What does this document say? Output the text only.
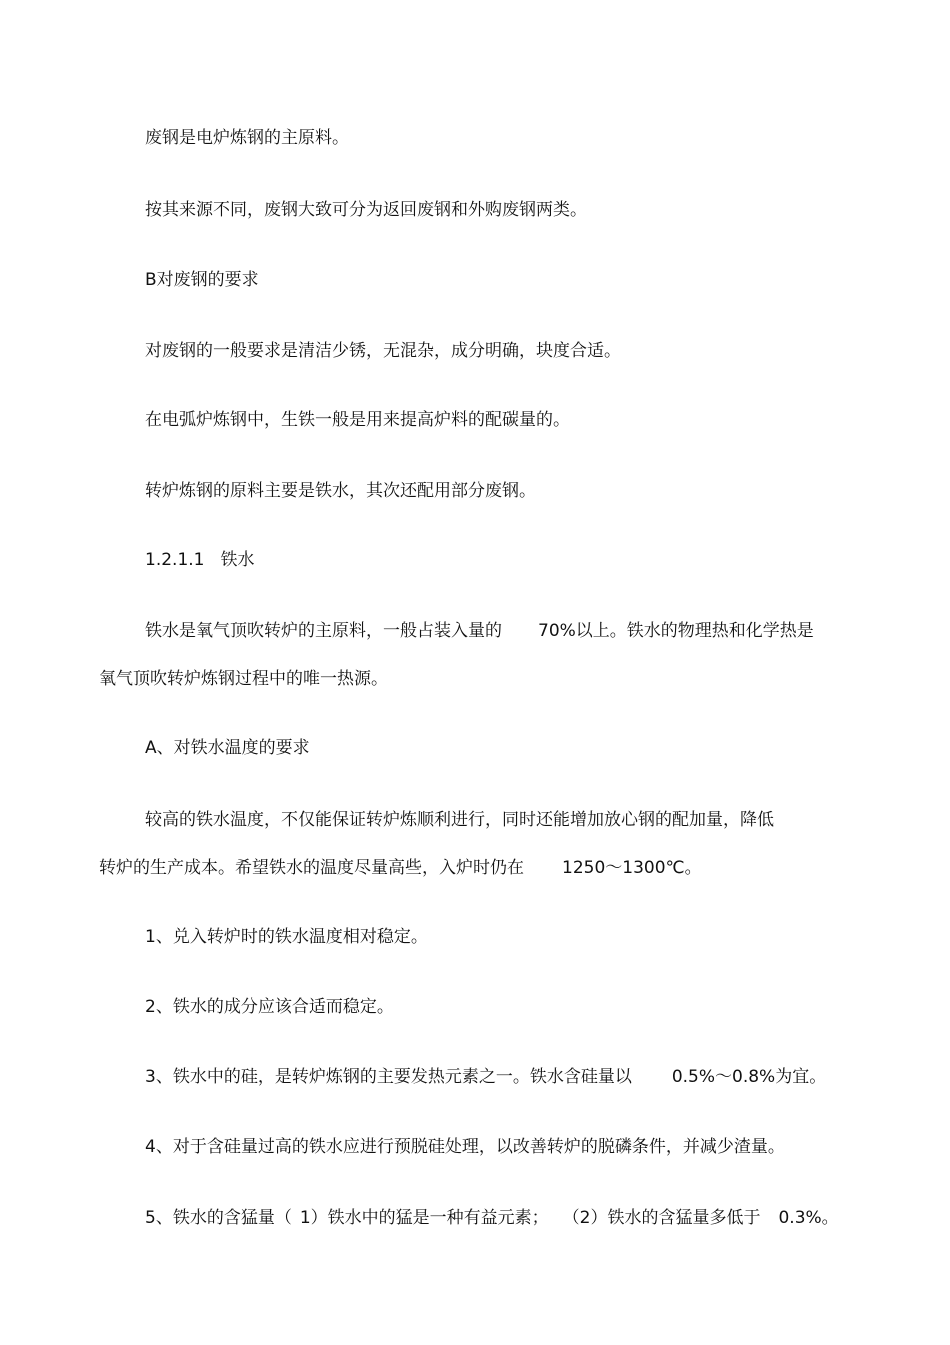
废钢是电炉炼钢的主原料。
按其来源不同，废钢大致可分为返回废钢和外购废钢两类。
B对废钢的要求
对废钢的一般要求是清洁少锈，无混杂，成分明确，块度合适。
在电弧炉炼钢中，生铁一般是用来提高炉料的配碳量的。
转炉炼钢的原料主要是铁水，其次还配用部分废钢。
1.2.1.1 铁水
铁水是氧气顶吹转炉的主原料，一般占装入量的 70%以上。铁水的物理热和化学热是
氧气顶吹转炉炼钢过程中的唯一热源。
A、对铁水温度的要求
较高的铁水温度，不仅能保证转炉炼顺利进行，同时还能增加放心钢的配加量，降低
转炉的生产成本。希望铁水的温度尽量高些，入炉时仍在 1250～1300℃。
1、兑入转炉时的铁水温度相对稳定。
2、铁水的成分应该合适而稳定。
3、铁水中的硅，是转炉炼钢的主要发热元素之一。铁水含硅量以 0.5%～0.8%为宜。
4、对于含硅量过高的铁水应进行预脱硅处理，以改善转炉的脱磷条件，并减少渣量。
5、铁水的含猛量（ 1）铁水中的猛是一种有益元素； （2）铁水的含猛量多低于 0.3%。
